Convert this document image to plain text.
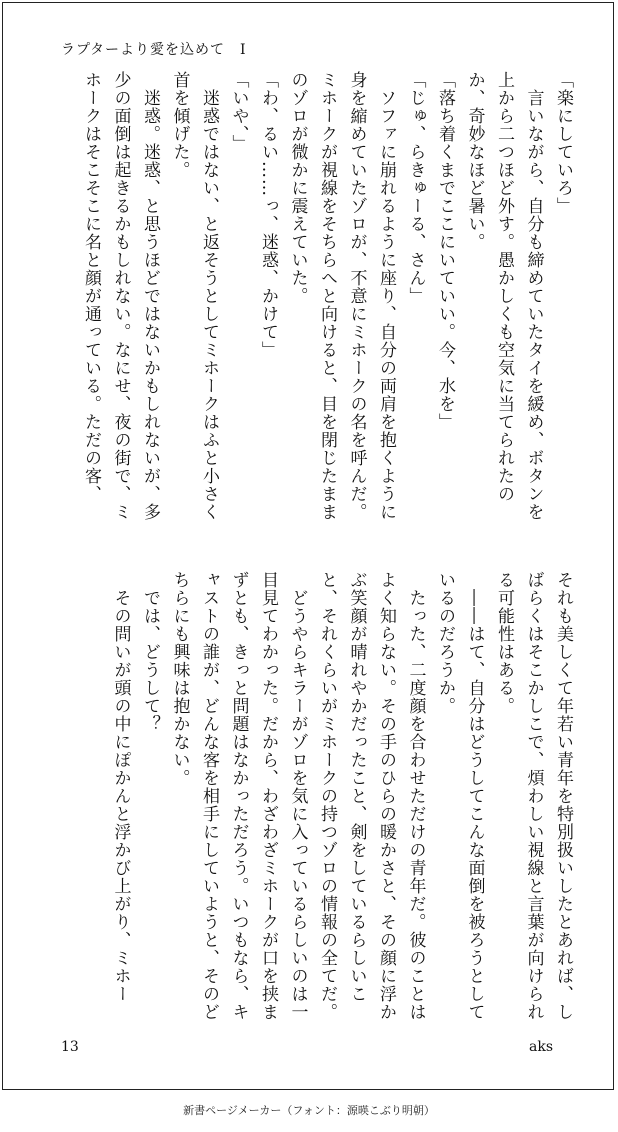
ラプターより愛を込めて　Ⅰ

「楽にしていろ」

　言いながら、自分も締めていたタイを緩め、ボタンを上から二つほど外す。愚かしくも空気に当てられたのか、奇妙なほど暑い。

「落ち着くまでここにいていい。今、水を」

「じゅ、らきゅーる、さん」

　ソファに崩れるように座り、自分の両肩を抱くように身を縮めていたゾロが、不意にミホークの名を呼んだ。ミホークが視線をそちらへと向けると、目を閉じたままのゾロが微かに震えていた。

「わ、るい……っ、迷惑、かけて」

「いや、」

　迷惑ではない、と返そうとしてミホークはふと小さく首を傾げた。

　迷惑。迷惑、と思うほどではないかもしれないが、多少の面倒は起きるかもしれない。なにせ、夜の街で、ミホークはそこそこに名と顔が通っている。ただの客、

それも美しくて年若い青年を特別扱いしたとあれば、しばらくはそこかしこで、煩わしい視線と言葉が向けられる可能性はある。

　――はて、自分はどうしてこんな面倒を被ろうとしているのだろうか。

　たった、二度顔を合わせただけの青年だ。彼のことはよく知らない。その手のひらの暖かさと、その顔に浮かぶ笑顔が晴れやかだったこと、剣をしているらしいこと、それくらいがミホークの持つゾロの情報の全てだ。

　どうやらキラーがゾロを気に入っているらしいのは一目見てわかった。だから、わざわざミホークが口を挟まずとも、きっと問題はなかっただろう。いつもなら、キャストの誰が、どんな客を相手にしていようと、そのどちらにも興味は抱かない。

　では、どうして？

　その問いが頭の中にぽかんと浮かび上がり、ミホー

13	aks
新書ページメーカー（フォント：源暎こぶり明朝）
